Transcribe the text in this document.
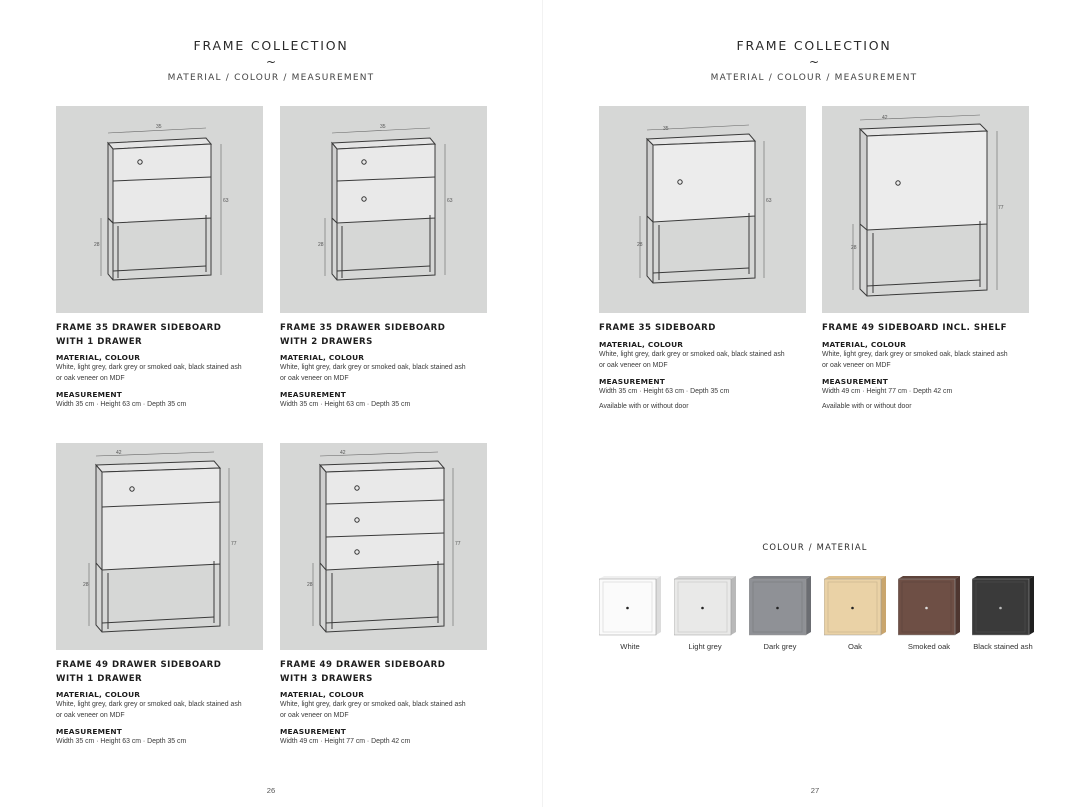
FRAME COLLECTION
~
MATERIAL / COLOUR / MEASUREMENT
FRAME COLLECTION
~
MATERIAL / COLOUR / MEASUREMENT
35
63
28
FRAME 35 DRAWER SIDEBOARD
WITH 1 DRAWER
MATERIAL, COLOUR
White, light grey, dark grey or smoked oak, black stained ash
or oak veneer on MDF
MEASUREMENT
Width 35 cm · Height 63 cm · Depth 35 cm
35
63
28
FRAME 35 DRAWER SIDEBOARD
WITH 2 DRAWERS
MATERIAL, COLOUR
White, light grey, dark grey or smoked oak, black stained ash
or oak veneer on MDF
MEASUREMENT
Width 35 cm · Height 63 cm · Depth 35 cm
42
77
28
FRAME 49 DRAWER SIDEBOARD
WITH 1 DRAWER
MATERIAL, COLOUR
White, light grey, dark grey or smoked oak, black stained ash
or oak veneer on MDF
MEASUREMENT
Width 35 cm · Height 63 cm · Depth 35 cm
42
77
28
FRAME 49 DRAWER SIDEBOARD
WITH 3 DRAWERS
MATERIAL, COLOUR
White, light grey, dark grey or smoked oak, black stained ash
or oak veneer on MDF
MEASUREMENT
Width 49 cm · Height 77 cm · Depth 42 cm
35
63
28
FRAME 35 SIDEBOARD
MATERIAL, COLOUR
White, light grey, dark grey or smoked oak, black stained ash
or oak veneer on MDF
MEASUREMENT
Width 35 cm · Height 63 cm · Depth 35 cm
Available with or without door
42
77
28
FRAME 49 SIDEBOARD INCL. SHELF
MATERIAL, COLOUR
White, light grey, dark grey or smoked oak, black stained ash
or oak veneer on MDF
MEASUREMENT
Width 49 cm · Height 77 cm · Depth 42 cm
Available with or without door
COLOUR / MATERIAL
White	Light grey	Dark grey	Oak	Smoked oak	Black stained ash
26	27
